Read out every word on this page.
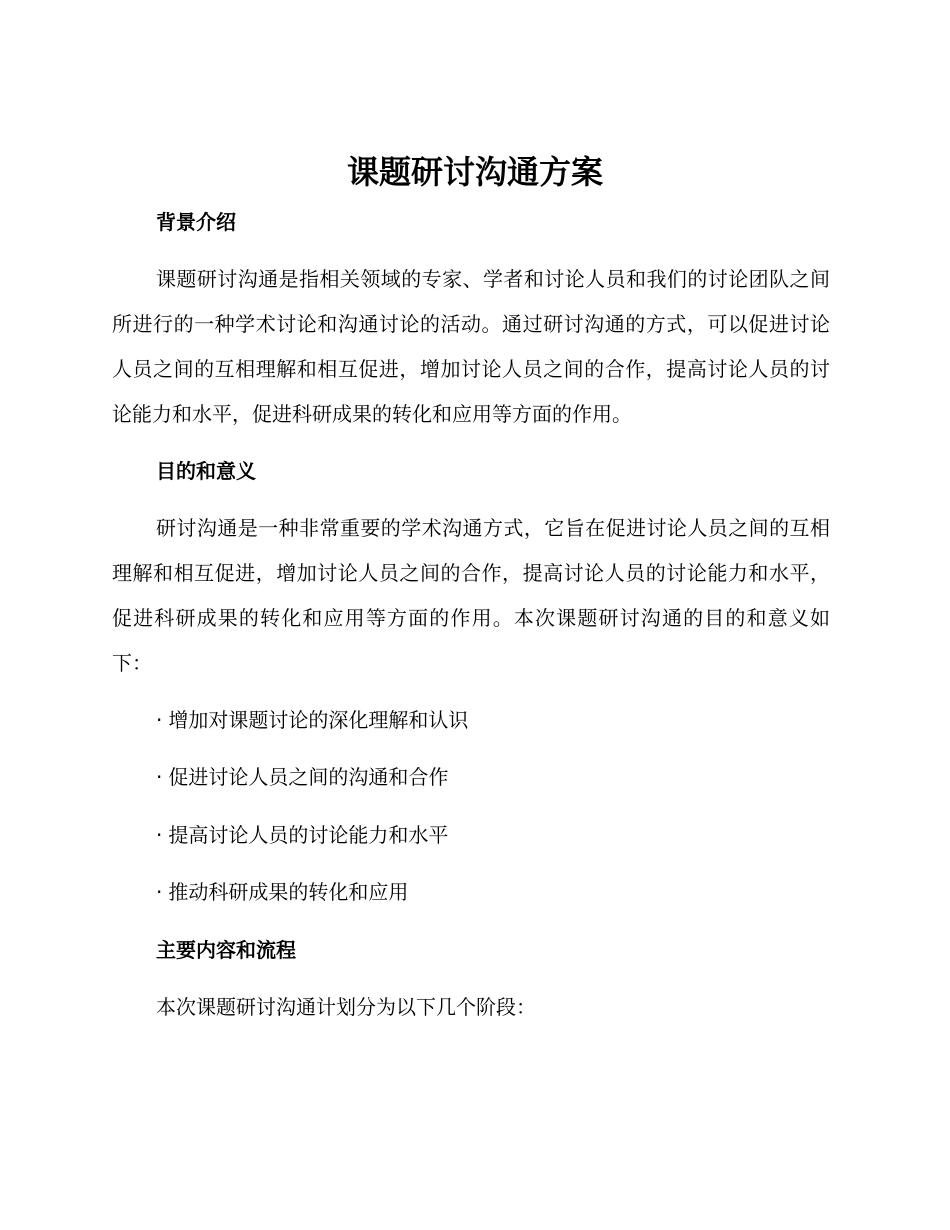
课题研讨沟通方案
背景介绍

课题研讨沟通是指相关领域的专家、学者和讨论人员和我们的讨论团队之间所进行的一种学术讨论和沟通讨论的活动。通过研讨沟通的方式，可以促进讨论人员之间的互相理解和相互促进，增加讨论人员之间的合作，提高讨论人员的讨论能力和水平，促进科研成果的转化和应用等方面的作用。

目的和意义

研讨沟通是一种非常重要的学术沟通方式，它旨在促进讨论人员之间的互相理解和相互促进，增加讨论人员之间的合作，提高讨论人员的讨论能力和水平，促进科研成果的转化和应用等方面的作用。本次课题研讨沟通的目的和意义如下：

· 增加对课题讨论的深化理解和认识
· 促进讨论人员之间的沟通和合作
· 提高讨论人员的讨论能力和水平
· 推动科研成果的转化和应用
主要内容和流程

本次课题研讨沟通计划分为以下几个阶段：
